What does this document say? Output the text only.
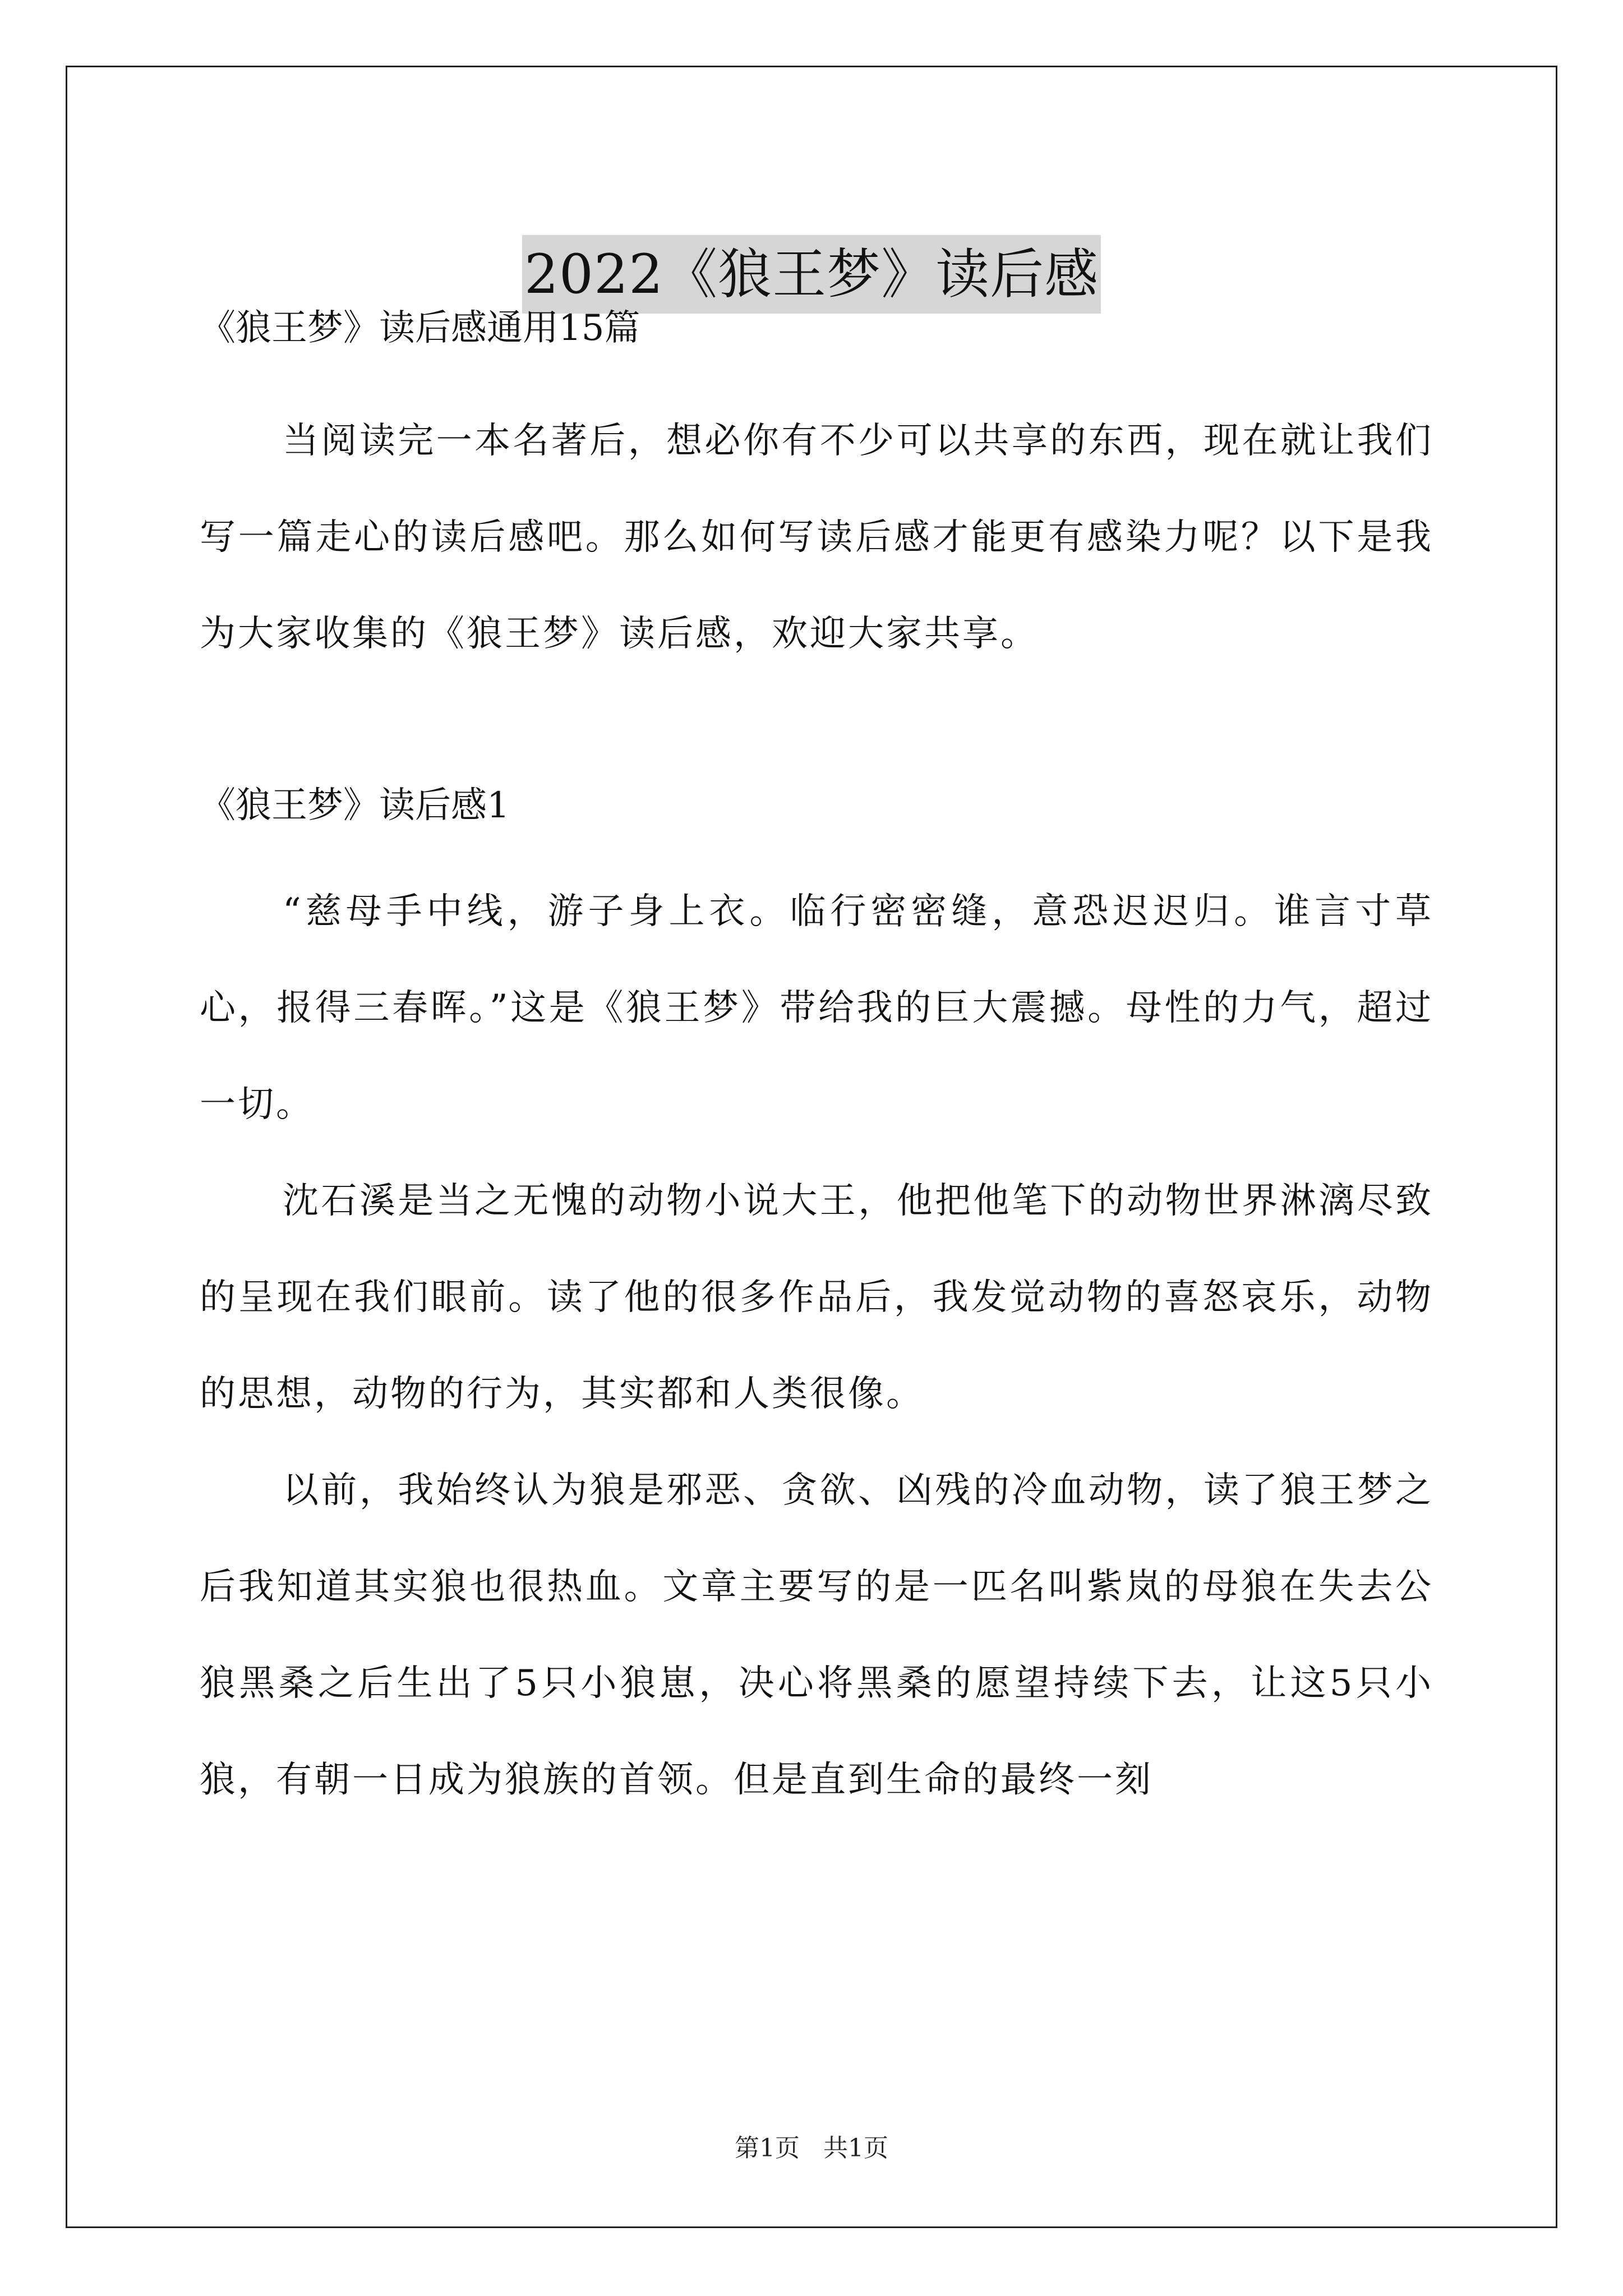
2022《狼王梦》读后感

《狼王梦》读后感通用15篇

当阅读完一本名著后，想必你有不少可以共享的东西，现在就让我们写一篇走心的读后感吧。那么如何写读后感才能更有感染力呢？以下是我为大家收集的《狼王梦》读后感，欢迎大家共享。

《狼王梦》读后感1

“慈母手中线，游子身上衣。临行密密缝，意恐迟迟归。谁言寸草心，报得三春晖。”这是《狼王梦》带给我的巨大震撼。母性的力气，超过一切。

沈石溪是当之无愧的动物小说大王，他把他笔下的动物世界淋漓尽致的呈现在我们眼前。读了他的很多作品后，我发觉动物的喜怒哀乐，动物的思想，动物的行为，其实都和人类很像。

以前，我始终认为狼是邪恶、贪欲、凶残的冷血动物，读了狼王梦之后我知道其实狼也很热血。文章主要写的是一匹名叫紫岚的母狼在失去公狼黑桑之后生出了5只小狼崽，决心将黑桑的愿望持续下去，让这5只小狼，有朝一日成为狼族的首领。但是直到生命的最终一刻

第1页 共1页
